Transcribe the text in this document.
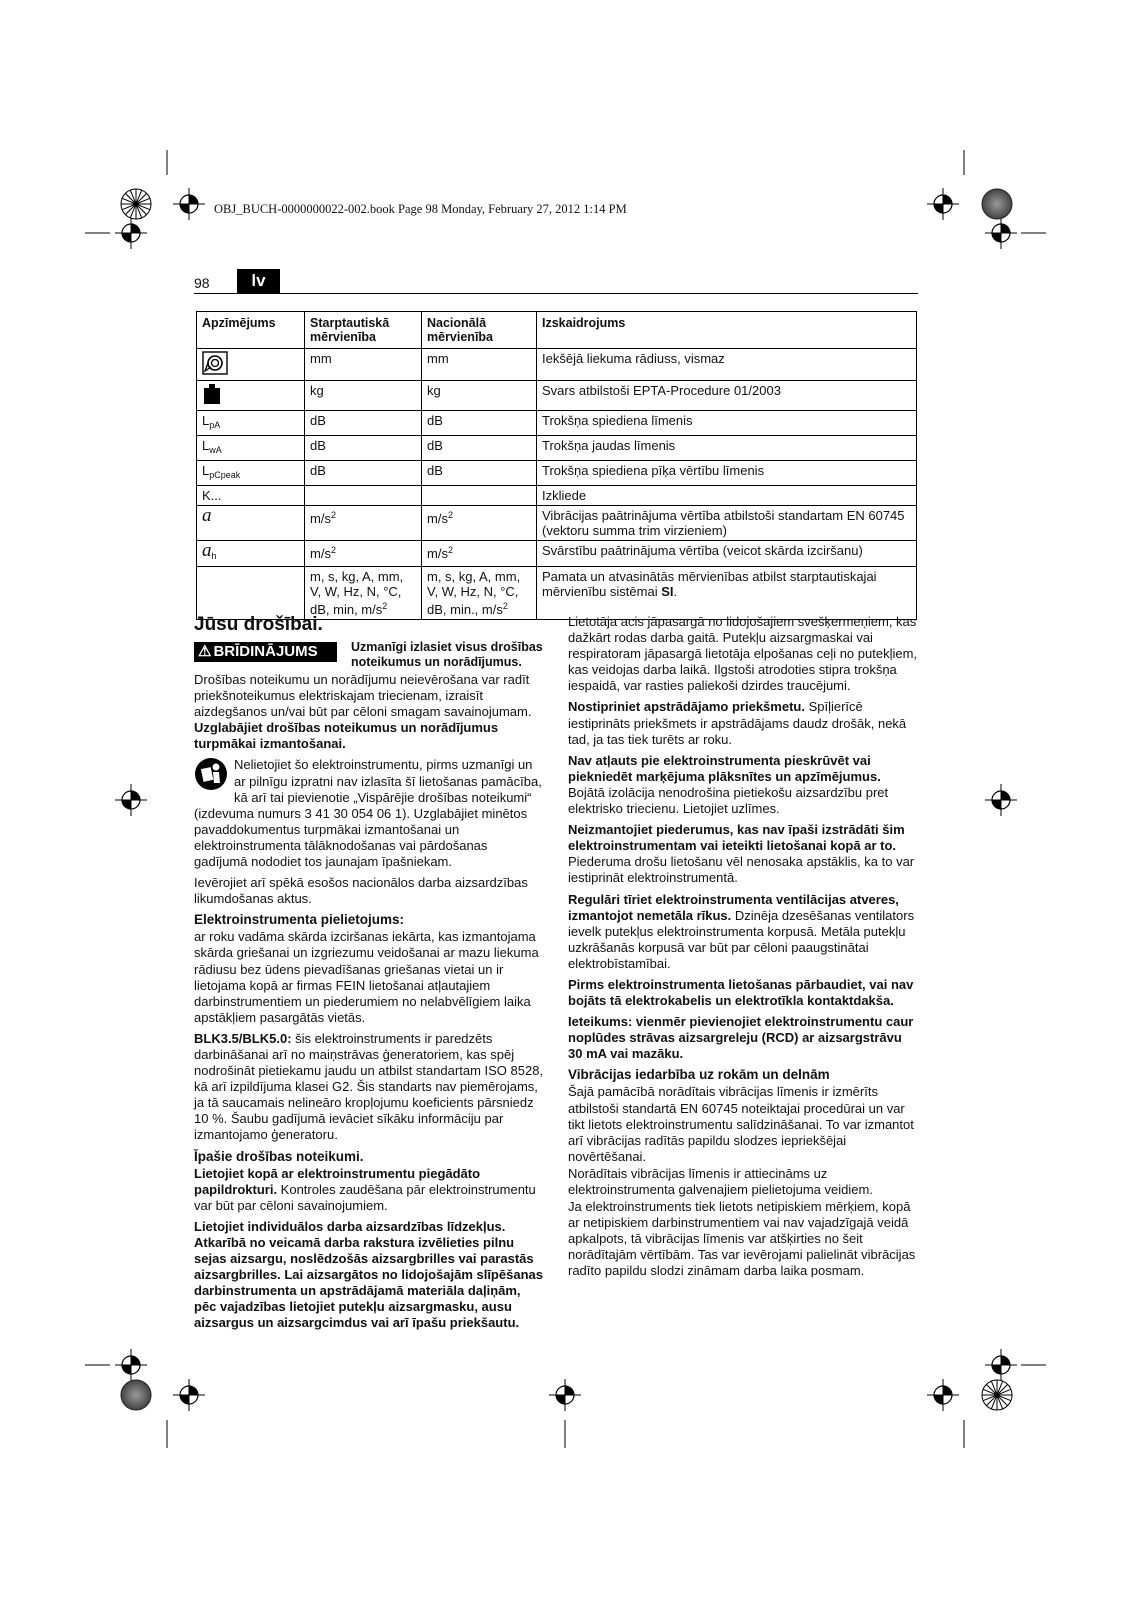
OBJ_BUCH-0000000022-002.book Page 98 Monday, February 27, 2012 1:14 PM
98	lv
Apzīmējums	Starptautiskā mērvienība	Nacionālā mērvienība	Izskaidrojums
	mm	mm	Iekšējā liekuma rādiuss, vismaz
	kg	kg	Svars atbilstoši EPTA-Procedure 01/2003
$L_{pA}$	dB	dB	Trokšņa spiediena līmenis
$L_{wA}$	dB	dB	Trokšņa jaudas līmenis
$L_{pCpeak}$	dB	dB	Trokšņa spiediena pīķa vērtību līmenis
K...			Izkliede
a	$m/s^2$	$m/s^2$	Vibrācijas paātrinājuma vērtība atbilstoši standartam EN 60745 (vektoru summa trim virzieniem)
$a_h$	$m/s^2$	$m/s^2$	Svārstību paātrinājuma vērtība (veicot skārda izciršanu)
	m, s, kg, A, mm, V, W, Hz, N, °C, dB, min, $m/s^2$	m, s, kg, A, mm, V, W, Hz, N, °C, dB, min., $m/s^2$	Pamata un atvasinātās mērvienības atbilst starptautiskajai mērvienību sistēmai SI.
Jūsu drošībai.
⚠ BRĪDINĀJUMS	Uzmanīgi izlasiet visus drošības noteikumus un norādījumus.

Drošības noteikumu un norādījumu neievērošana var radīt priekšnoteikumus elektriskajam triecienam, izraisīt aizdegšanos un/vai būt par cēloni smagam savainojumam. Uzglabājiet drošības noteikumus un norādījumus turpmākai izmantošanai.

Nelietojiet šo elektroinstrumentu, pirms uzmanīgi un ar pilnīgu izpratni nav izlasīta šī lietošanas pamācība, kā arī tai pievienotie „Vispārējie drošības noteikumi“ (izdevuma numurs 3 41 30 054 06 1). Uzglabājiet minētos pavaddokumentus turpmākai izmantošanai un elektroinstrumenta tālāknodošanas vai pārdošanas gadījumā nododiet tos jaunajam īpašniekam.

Ievērojiet arī spēkā esošos nacionālos darba aizsardzības likumdošanas aktus.

Elektroinstrumenta pielietojums:

ar roku vadāma skārda izciršanas iekārta, kas izmantojama skārda griešanai un izgriezumu veidošanai ar mazu liekuma rādiusu bez ūdens pievadīšanas griešanas vietai un ir lietojama kopā ar firmas FEIN lietošanai atļautajiem darbinstrumentiem un piederumiem no nelabvēlīgiem laika apstākļiem pasargātās vietās.

BLK3.5/BLK5.0: šis elektroinstruments ir paredzēts darbināšanai arī no maiņstrāvas ģeneratoriem, kas spēj nodrošināt pietiekamu jaudu un atbilst standartam ISO 8528, kā arī izpildījuma klasei G2. Šis standarts nav piemērojams, ja tā saucamais nelineāro kropļojumu koeficients pārsniedz 10 %. Šaubu gadījumā ievāciet sīkāku informāciju par izmantojamo ģeneratoru.

Īpašie drošības noteikumi.

Lietojiet kopā ar elektroinstrumentu piegādāto papildrokturi. Kontroles zaudēšana pār elektroinstrumentu var būt par cēloni savainojumiem.

Lietojiet individuālos darba aizsardzības līdzekļus. Atkarībā no veicamā darba rakstura izvēlieties pilnu sejas aizsargu, noslēdzošās aizsargbrilles vai parastās aizsargbrilles. Lai aizsargātos no lidojošajām slīpēšanas darbinstrumenta un apstrādājamā materiāla daļiņām, pēc vajadzības lietojiet putekļu aizsargmasku, ausu aizsargus un aizsargcimdus vai arī īpašu priekšautu.

Lietotāja acis jāpasargā no lidojošajiem svešķermeņiem, kas dažkārt rodas darba gaitā. Putekļu aizsargmaskai vai respiratoram jāpasargā lietotāja elpošanas ceļi no putekļiem, kas veidojas darba laikā. Ilgstoši atrodoties stipra trokšņa iespaidā, var rasties paliekoši dzirdes traucējumi.

Nostipriniet apstrādājamo priekšmetu. Spīļierīcē iestiprināts priekšmets ir apstrādājams daudz drošāk, nekā tad, ja tas tiek turēts ar roku.

Nav atļauts pie elektroinstrumenta pieskrūvēt vai piekniedēt marķējuma plāksnītes un apzīmējumus. Bojātā izolācija nenodrošina pietiekošu aizsardzību pret elektrisko triecienu. Lietojiet uzlīmes.

Neizmantojiet piederumus, kas nav īpaši izstrādāti šim elektroinstrumentam vai ieteikti lietošanai kopā ar to. Piederuma drošu lietošanu vēl nenosaka apstāklis, ka to var iestiprināt elektroinstrumentā.

Regulāri tīriet elektroinstrumenta ventilācijas atveres, izmantojot nemetāla rīkus. Dzinēja dzesēšanas ventilators ievelk putekļus elektroinstrumenta korpusā. Metāla putekļu uzkrāšanās korpusā var būt par cēloni paaugstinātai elektrobīstamībai.

Pirms elektroinstrumenta lietošanas pārbaudiet, vai nav bojāts tā elektrokabelis un elektrotīkla kontaktdakša.

Ieteikums: vienmēr pievienojiet elektroinstrumentu caur noplūdes strāvas aizsargreleju (RCD) ar aizsargstrāvu 30 mA vai mazāku.

Vibrācijas iedarbība uz rokām un delnām

Šajā pamācībā norādītais vibrācijas līmenis ir izmērīts atbilstoši standartā EN 60745 noteiktajai procedūrai un var tikt lietots elektroinstrumentu salīdzināšanai. To var izmantot arī vibrācijas radītās papildu slodzes iepriekšējai novērtēšanai.

Norādītais vibrācijas līmenis ir attiecināms uz elektroinstrumenta galvenajiem pielietojuma veidiem.

Ja elektroinstruments tiek lietots netipiskiem mērķiem, kopā ar netipiskiem darbinstrumentiem vai nav vajadzīgajā veidā apkalpots, tā vibrācijas līmenis var atšķirties no šeit norādītajām vērtībām. Tas var ievērojami palielināt vibrācijas radīto papildu slodzi zināmam darba laika posmam.
